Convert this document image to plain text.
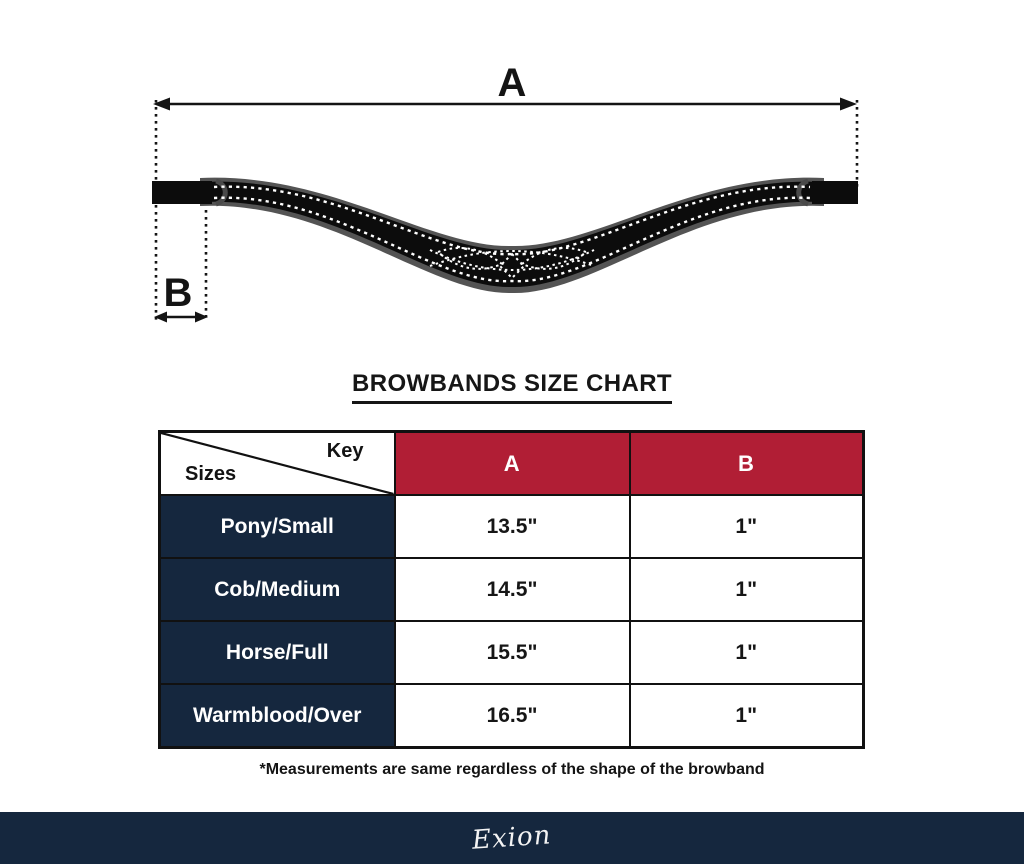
A
B
BROWBANDS SIZE CHART
Key
Sizes	A	B
Pony/Small	13.5"	1"
Cob/Medium	14.5"	1"
Horse/Full	15.5"	1"
Warmblood/Over	16.5"	1"

*Measurements are same regardless of the shape of the browband

Exion
